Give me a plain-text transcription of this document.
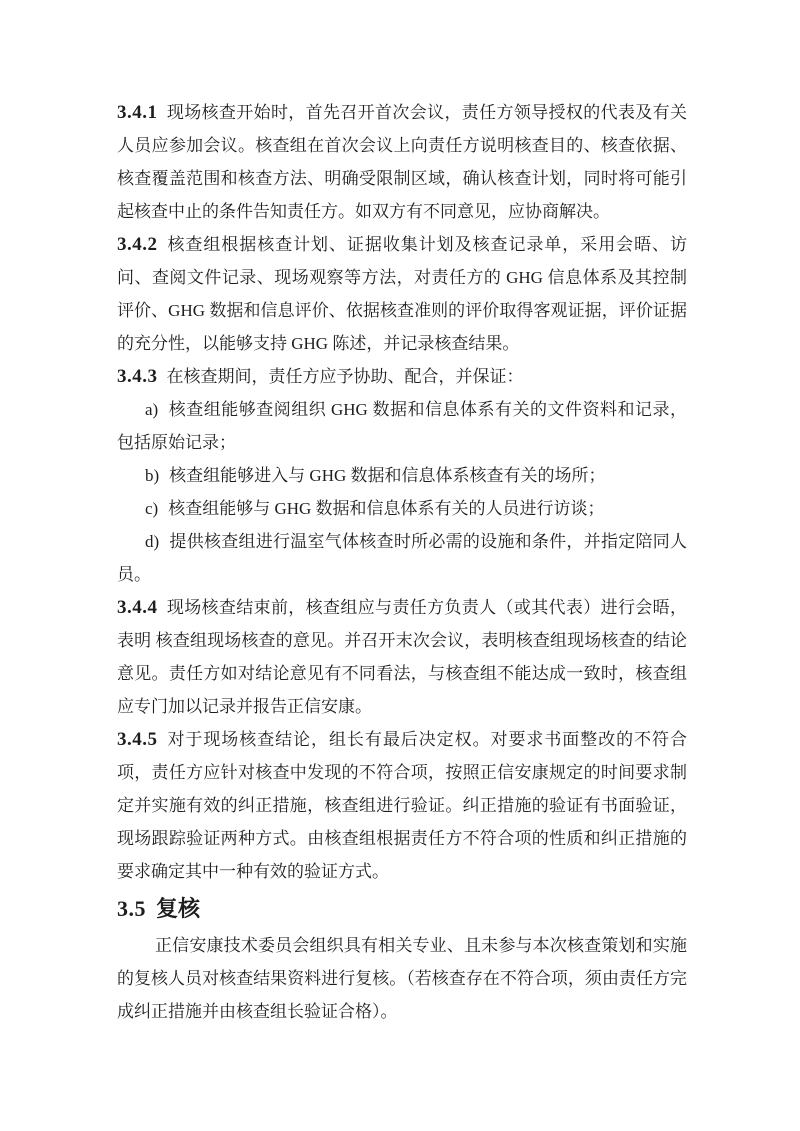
3.4.1 现场核查开始时，首先召开首次会议，责任方领导授权的代表及有关人员应参加会议。核查组在首次会议上向责任方说明核查目的、核查依据、核查覆盖范围和核查方法、明确受限制区域，确认核查计划，同时将可能引起核查中止的条件告知责任方。如双方有不同意见，应协商解决。

3.4.2 核查组根据核查计划、证据收集计划及核查记录单，采用会晤、访问、查阅文件记录、现场观察等方法，对责任方的 GHG 信息体系及其控制评价、GHG 数据和信息评价、依据核查准则的评价取得客观证据，评价证据的充分性，以能够支持 GHG 陈述，并记录核查结果。

3.4.3 在核查期间，责任方应予协助、配合，并保证：

a) 核查组能够查阅组织 GHG 数据和信息体系有关的文件资料和记录，包括原始记录；

b) 核查组能够进入与 GHG 数据和信息体系核查有关的场所；

c) 核查组能够与 GHG 数据和信息体系有关的人员进行访谈；

d) 提供核查组进行温室气体核查时所必需的设施和条件，并指定陪同人员。

3.4.4 现场核查结束前，核查组应与责任方负责人（或其代表）进行会晤，表明 核查组现场核查的意见。并召开末次会议，表明核查组现场核查的结论意见。责任方如对结论意见有不同看法，与核查组不能达成一致时，核查组应专门加以记录并报告正信安康。

3.4.5 对于现场核查结论，组长有最后决定权。对要求书面整改的不符合项，责任方应针对核查中发现的不符合项，按照正信安康规定的时间要求制定并实施有效的纠正措施，核查组进行验证。纠正措施的验证有书面验证，现场跟踪验证两种方式。由核查组根据责任方不符合项的性质和纠正措施的要求确定其中一种有效的验证方式。

3.5 复核

正信安康技术委员会组织具有相关专业、且未参与本次核查策划和实施的复核人员对核查结果资料进行复核。（若核查存在不符合项，须由责任方完成纠正措施并由核查组长验证合格）。
